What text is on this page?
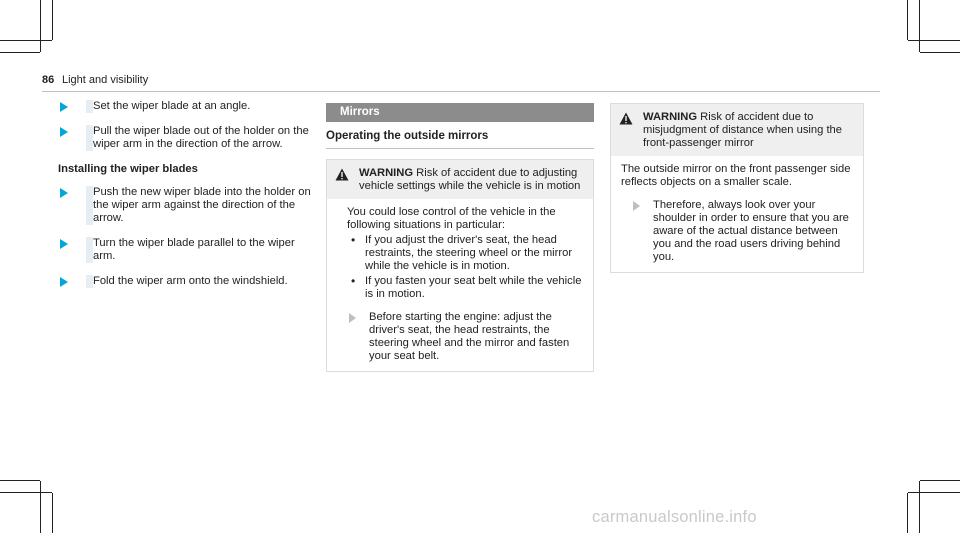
86 Light and visibility
Set the wiper blade at an angle.
Pull the wiper blade out of the holder on the wiper arm in the direction of the arrow.
Installing the wiper blades
Push the new wiper blade into the holder on the wiper arm against the direction of the arrow.
Turn the wiper blade parallel to the wiper arm.
Fold the wiper arm onto the windshield.
Mirrors
Operating the outside mirrors
WARNING Risk of accident due to adjusting vehicle settings while the vehicle is in motion
You could lose control of the vehicle in the following situations in particular:
•
If you adjust the driver's seat, the head restraints, the steering wheel or the mirror while the vehicle is in motion.
•
If you fasten your seat belt while the vehicle is in motion.
Before starting the engine: adjust the driver's seat, the head restraints, the steering wheel and the mirror and fasten your seat belt.
WARNING Risk of accident due to misjudgment of distance when using the front-passenger mirror
The outside mirror on the front passenger side reflects objects on a smaller scale.
Therefore, always look over your shoulder in order to ensure that you are aware of the actual distance between you and the road users driving behind you.
carmanualsonline.info
